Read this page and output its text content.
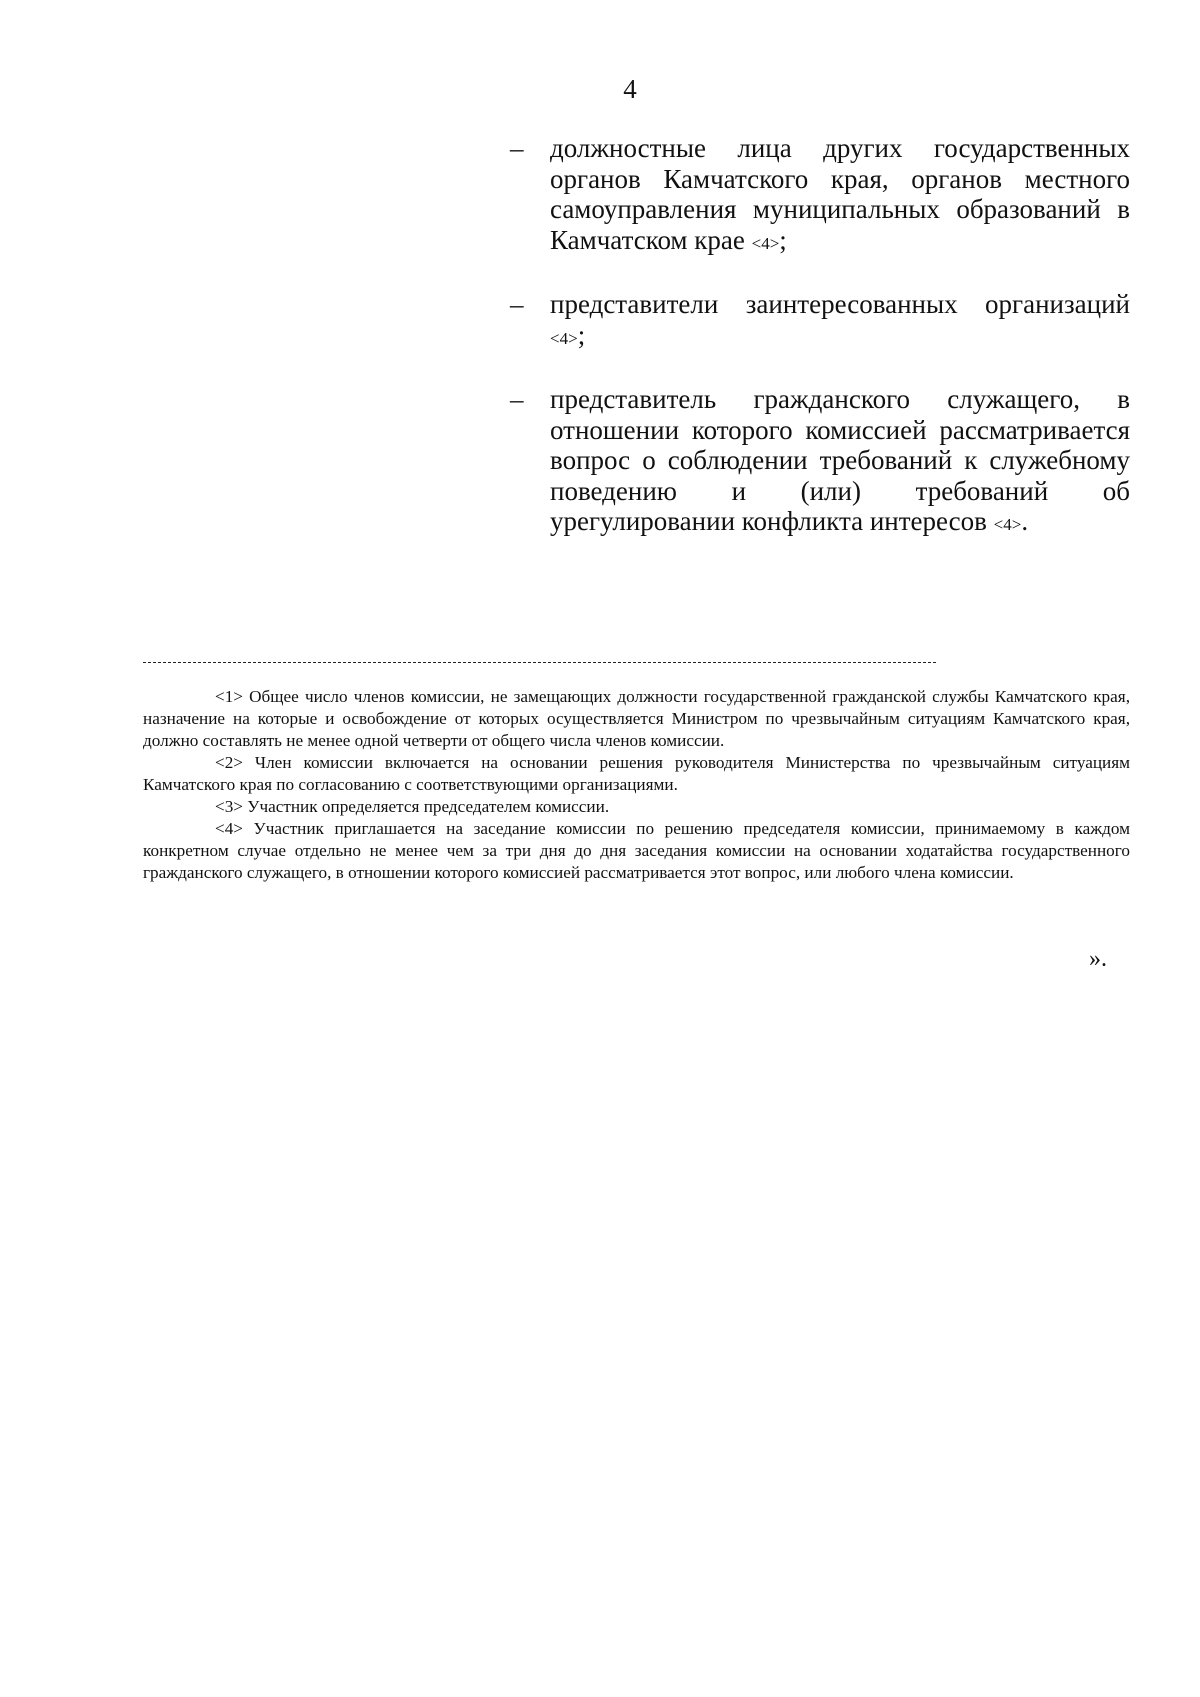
4
– должностные лица других государственных органов Камчатского края, органов местного самоуправления муниципальных образований в Камчатском крае <4>;
– представители заинтересованных организаций <4>;
– представитель гражданского служащего, в отношении которого комиссией рассматривается вопрос о соблюдении требований к служебному поведению и (или) требований об урегулировании конфликта интересов <4>.

<1> Общее число членов комиссии, не замещающих должности государственной гражданской службы Камчатского края, назначение на которые и освобождение от которых осуществляется Министром по чрезвычайным ситуациям Камчатского края, должно составлять не менее одной четверти от общего числа членов комиссии.

<2> Член комиссии включается на основании решения руководителя Министерства по чрезвычайным ситуациям Камчатского края по согласованию с соответствующими организациями.

<3> Участник определяется председателем комиссии.

<4> Участник приглашается на заседание комиссии по решению председателя комиссии, принимаемому в каждом конкретном случае отдельно не менее чем за три дня до дня заседания комиссии на основании ходатайства государственного гражданского служащего, в отношении которого комиссией рассматривается этот вопрос, или любого члена комиссии.

».
